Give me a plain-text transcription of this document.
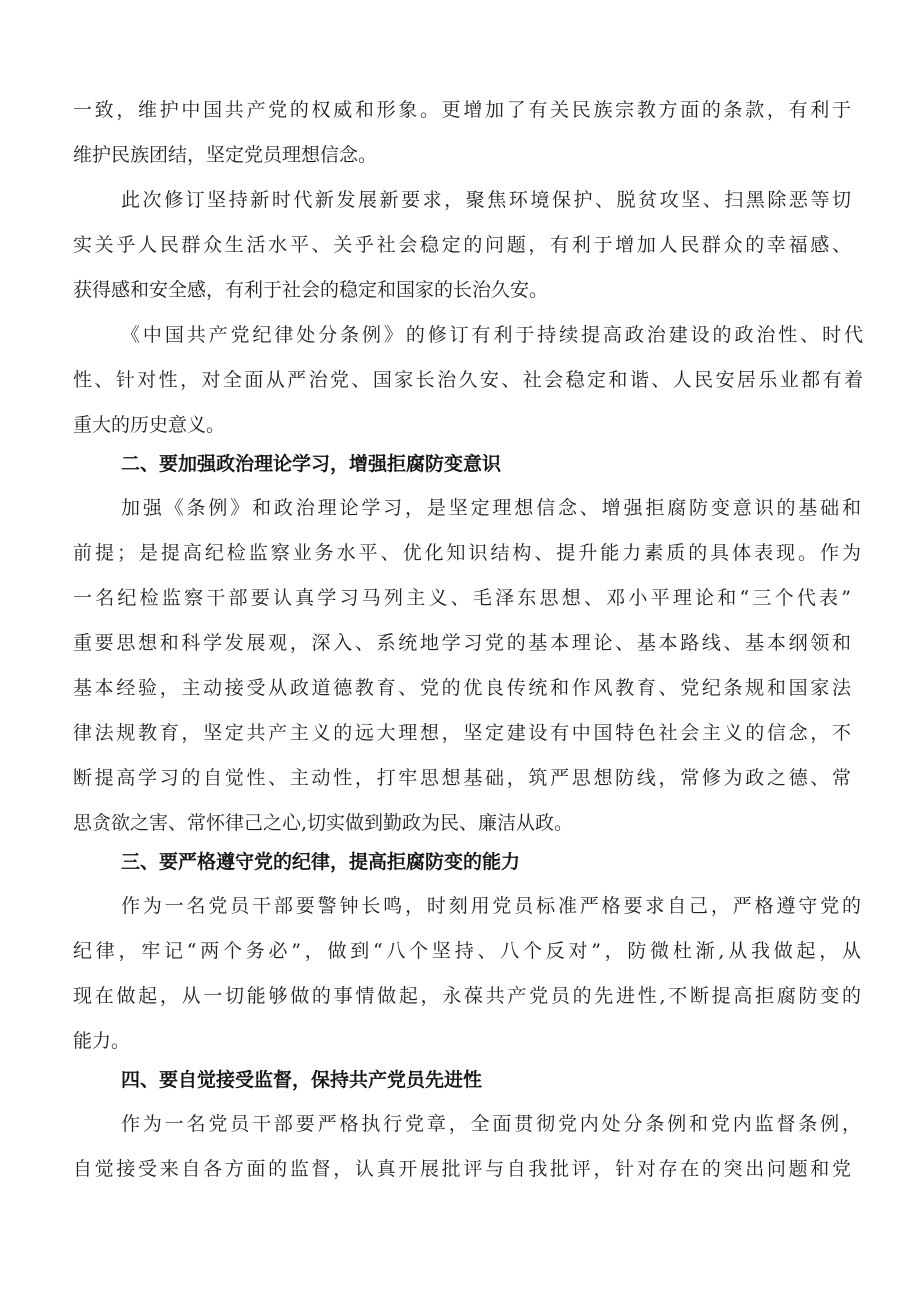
一致，维护中国共产党的权威和形象。更增加了有关民族宗教方面的条款，有利于

维护民族团结，坚定党员理想信念。

此次修订坚持新时代新发展新要求，聚焦环境保护、脱贫攻坚、扫黑除恶等切

实关乎人民群众生活水平、关乎社会稳定的问题，有利于增加人民群众的幸福感、

获得感和安全感，有利于社会的稳定和国家的长治久安。

《中国共产党纪律处分条例》的修订有利于持续提高政治建设的政治性、时代

性、针对性，对全面从严治党、国家长治久安、社会稳定和谐、人民安居乐业都有着

重大的历史意义。

二、要加强政治理论学习，增强拒腐防变意识

加强《条例》和政治理论学习，是坚定理想信念、增强拒腐防变意识的基础和

前提；是提高纪检监察业务水平、优化知识结构、提升能力素质的具体表现。作为

一名纪检监察干部要认真学习马列主义、毛泽东思想、邓小平理论和“三个代表”

重要思想和科学发展观，深入、系统地学习党的基本理论、基本路线、基本纲领和

基本经验，主动接受从政道德教育、党的优良传统和作风教育、党纪条规和国家法

律法规教育，坚定共产主义的远大理想，坚定建设有中国特色社会主义的信念，不

断提高学习的自觉性、主动性，打牢思想基础，筑严思想防线，常修为政之德、常

思贪欲之害、常怀律己之心,切实做到勤政为民、廉洁从政。

三、要严格遵守党的纪律，提高拒腐防变的能力

作为一名党员干部要警钟长鸣，时刻用党员标准严格要求自己，严格遵守党的

纪律，牢记“两个务必”，做到“八个坚持、八个反对”，防微杜渐,从我做起，从

现在做起，从一切能够做的事情做起，永葆共产党员的先进性,不断提高拒腐防变的

能力。

四、要自觉接受监督，保持共产党员先进性

作为一名党员干部要严格执行党章，全面贯彻党内处分条例和党内监督条例，

自觉接受来自各方面的监督，认真开展批评与自我批评，针对存在的突出问题和党
